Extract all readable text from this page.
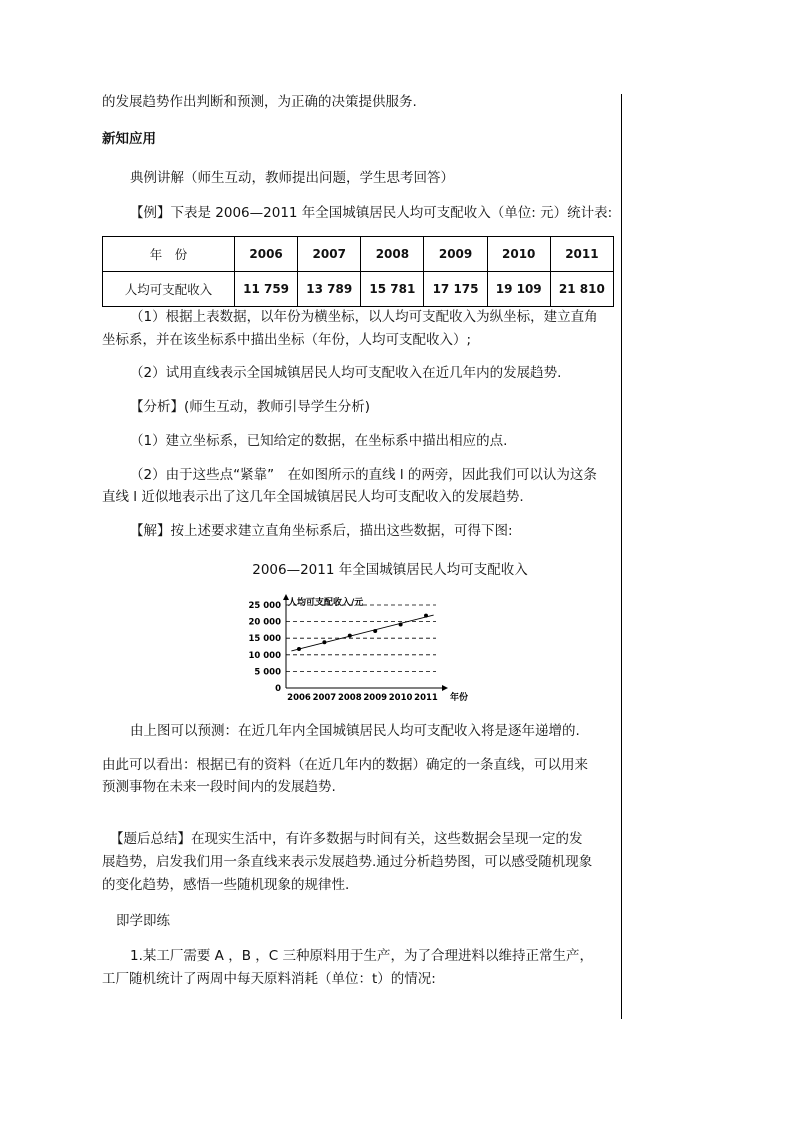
的发展趋势作出判断和预测，为正确的决策提供服务.
新知应用
典例讲解（师生互动，教师提出问题，学生思考回答）
【例】下表是 2006—2011 年全国城镇居民人均可支配收入（单位: 元）统计表:
年　份	2006	2007	2008	2009	2010	2011
人均可支配收入	11 759	13 789	15 781	17 175	19 109	21 810
（1）根据上表数据，以年份为横坐标，以人均可支配收入为纵坐标，建立直角
坐标系，并在该坐标系中描出坐标（年份，人均可支配收入）;
（2）试用直线表示全国城镇居民人均可支配收入在近几年内的发展趋势.
【分析】(师生互动，教师引导学生分析)
（1）建立坐标系，已知给定的数据，在坐标系中描出相应的点.
（2）由于这些点“紧靠”　在如图所示的直线 l 的两旁，因此我们可以认为这条
直线 l 近似地表示出了这几年全国城镇居民人均可支配收入的发展趋势.
【解】按上述要求建立直角坐标系后，描出这些数据，可得下图:
2006—2011 年全国城镇居民人均可支配收入
0
5 000
10 000
15 000
20 000
25 000
2006 2007 2008 2009 2010 2011
人均可支配收入/元
年份
由上图可以预测：在近几年内全国城镇居民人均可支配收入将是逐年递增的.
由此可以看出：根据已有的资料（在近几年内的数据）确定的一条直线，可以用来
预测事物在未来一段时间内的发展趋势.
【题后总结】在现实生活中，有许多数据与时间有关，这些数据会呈现一定的发
展趋势，启发我们用一条直线来表示发展趋势.通过分析趋势图，可以感受随机现象
的变化趋势，感悟一些随机现象的规律性.
即学即练
1.某工厂需要 A ，B ，C 三种原料用于生产，为了合理进料以维持正常生产，
工厂随机统计了两周中每天原料消耗（单位：t）的情况:
